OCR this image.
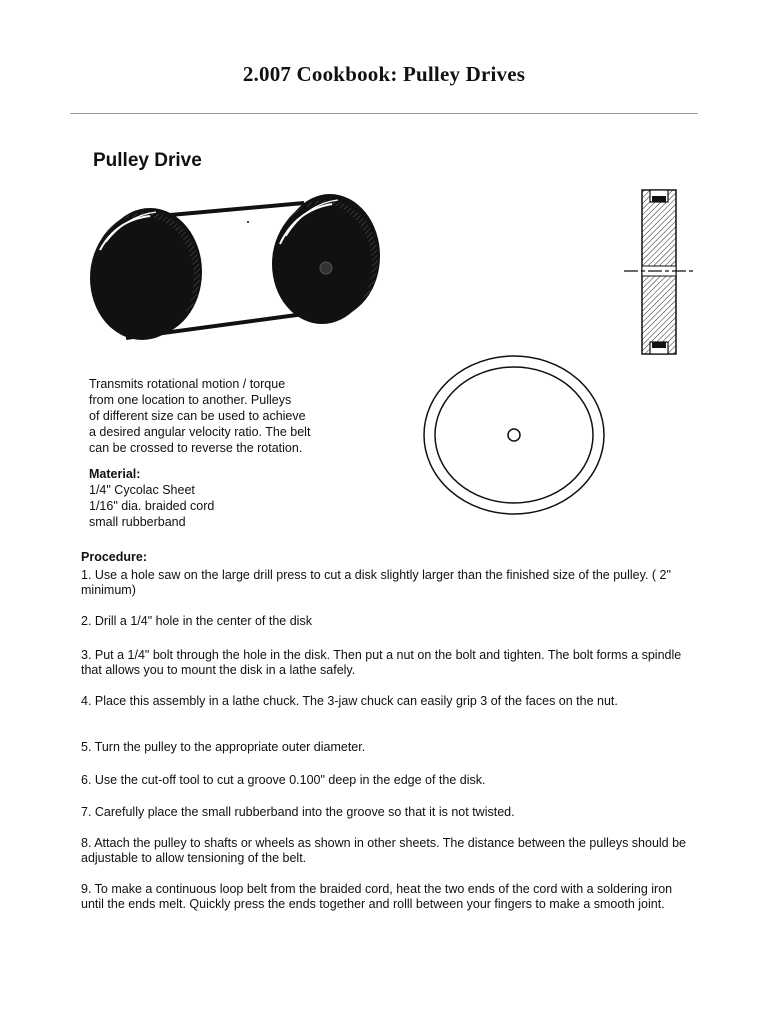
2.007 Cookbook: Pulley Drives
Pulley Drive
Transmits rotational motion / torque
from one location to another. Pulleys
of different size can be used to achieve
a desired angular velocity ratio. The belt
can be crossed to reverse the rotation.
Material:
1/4" Cycolac Sheet
1/16" dia. braided cord
small rubberband
Procedure:
1. Use a hole saw on the large drill press to cut a disk slightly larger than the finished size of the pulley. ( 2" minimum)
2. Drill a 1/4" hole in the center of the disk
3. Put a 1/4" bolt through the hole in the disk. Then put a nut on the bolt and tighten. The bolt forms a spindle that allows you to mount the disk in a lathe safely.
4. Place this assembly in a lathe chuck. The 3-jaw chuck can easily grip 3 of the faces on the nut.
5. Turn the pulley to the appropriate outer diameter.
6. Use the cut-off tool to cut a groove 0.100" deep in the edge of the disk.
7. Carefully place the small rubberband into the groove so that it is not twisted.
8. Attach the pulley to shafts or wheels as shown in other sheets. The distance between the pulleys should be adjustable to allow tensioning of the belt.
9. To make a continuous loop belt from the braided cord, heat the two ends of the cord with a soldering iron until the ends melt. Quickly press the ends together and rolll between your fingers to make a smooth joint.
